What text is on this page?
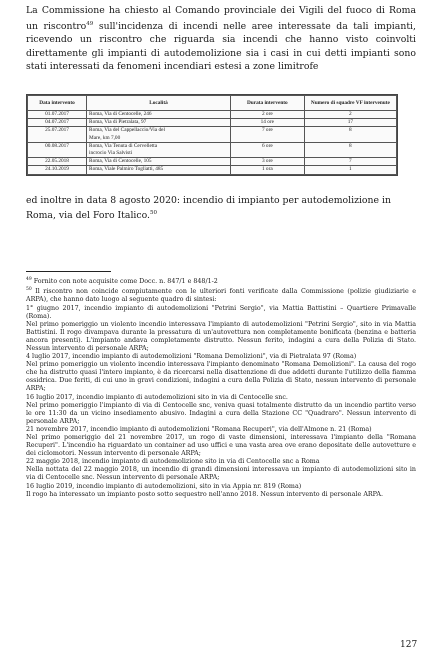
La Commissione ha chiesto al Comando provinciale dei Vigili del fuoco di Roma un riscontro$^{49}$ sull'incidenza di incendi nelle aree interessate da tali impianti, ricevendo un riscontro che riguarda sia incendi che hanno visto coinvolti direttamente gli impianti di autodemolizione sia i casi in cui detti impianti sono stati interessati da fenomeni incendiari estesi a zone limitrofe
Data intervento	Località	Durata intervento	Numero di squadre VF intervenute
01.07.2017	Roma, Via di Centocelle, 246	2 ore	2
04.07.2017	Roma, Via di Pietralata, 97	14 ore	17
25.07.2017	Roma, Via del Cappellaccio/Via del	7 ore	8
	Mare, km 7,00		
00.08.2017	Roma, Via Tenuta di Cervelletta	6 ore	8
	incrocio Via Salvisti		
22.05.2018	Roma, Via di Centocelle, 105	3 ore	7
24.10.2019	Roma, Viale Palmiro Togliatti, 485	1 ora	1
ed inoltre in data 8 agosto 2020: incendio di impianto per autodemolizione in Roma, via del Foro Italico.$^{50}$

$^{49}$ Fornito con note acquisite come Docc. n. 847/1 e 848/1-2

$^{50}$ Il riscontro non coincide compiutamente con le ulteriori fonti verificate dalla Commissione (polizie giudiziarie e ARPA), che hanno dato luogo al seguente quadro di sintesi:

1° giugno 2017, incendio impianto di autodemolizioni "Petrini Sergio", via Mattia Battistini – Quartiere Primavalle (Roma).

Nel primo pomeriggio un violento incendio interessava l'impianto di autodemolizioni "Petrini Sergio", sito in via Mattia Battistini. Il rogo divampava durante la pressatura di un'autovettura non completamente bonificata (benzina e batteria ancora presenti). L'impianto andava completamente distrutto. Nessun ferito, indagini a cura della Polizia di Stato. Nessun intervento di personale ARPA;

4 luglio 2017, incendio impianto di autodemolizioni "Romana Demolizioni", via di Pietralata 97 (Roma)

Nel primo pomeriggio un violento incendio interessava l'impianto denominato "Romana Demolizioni". La causa del rogo che ha distrutto quasi l'intero impianto, è da ricercarsi nella disattenzione di due addetti durante l'utilizzo della fiamma ossidrica. Due feriti, di cui uno in gravi condizioni, indagini a cura della Polizia di Stato, nessun intervento di personale ARPA;

16 luglio 2017, incendio impianto di autodemolizioni sito in via di Centocelle snc.

Nel primo pomeriggio l'impianto di via di Centocelle snc, veniva quasi totalmente distrutto da un incendio partito verso le ore 11:30 da un vicino insediamento abusivo. Indagini a cura della Stazione CC "Quadraro". Nessun intervento di personale ARPA;

21 novembre 2017, incendio impianto di autodemolizioni "Romana Recuperi", via dell'Almone n. 21 (Roma)

Nel primo pomeriggio del 21 novembre 2017, un rogo di vaste dimensioni, interessava l'impianto della "Romana Recuperi". L'incendio ha riguardato un container ad uso uffici e una vasta area ove erano depositate delle autovetture e dei ciclomotori. Nessun intervento di personale ARPA;

22 maggio 2018, incendio impianto di autodemolizione sito in via di Centocelle snc a Roma

Nella nottata del 22 maggio 2018, un incendio di grandi dimensioni interessava un impianto di autodemolizioni sito in via di Centocelle snc. Nessun intervento di personale ARPA;

16 luglio 2019, incendio impianto di autodemolizioni, sito in via Appia nr. 819 (Roma)

Il rogo ha interessato un impianto posto sotto sequestro nell'anno 2018. Nessun intervento di personale ARPA.

127
